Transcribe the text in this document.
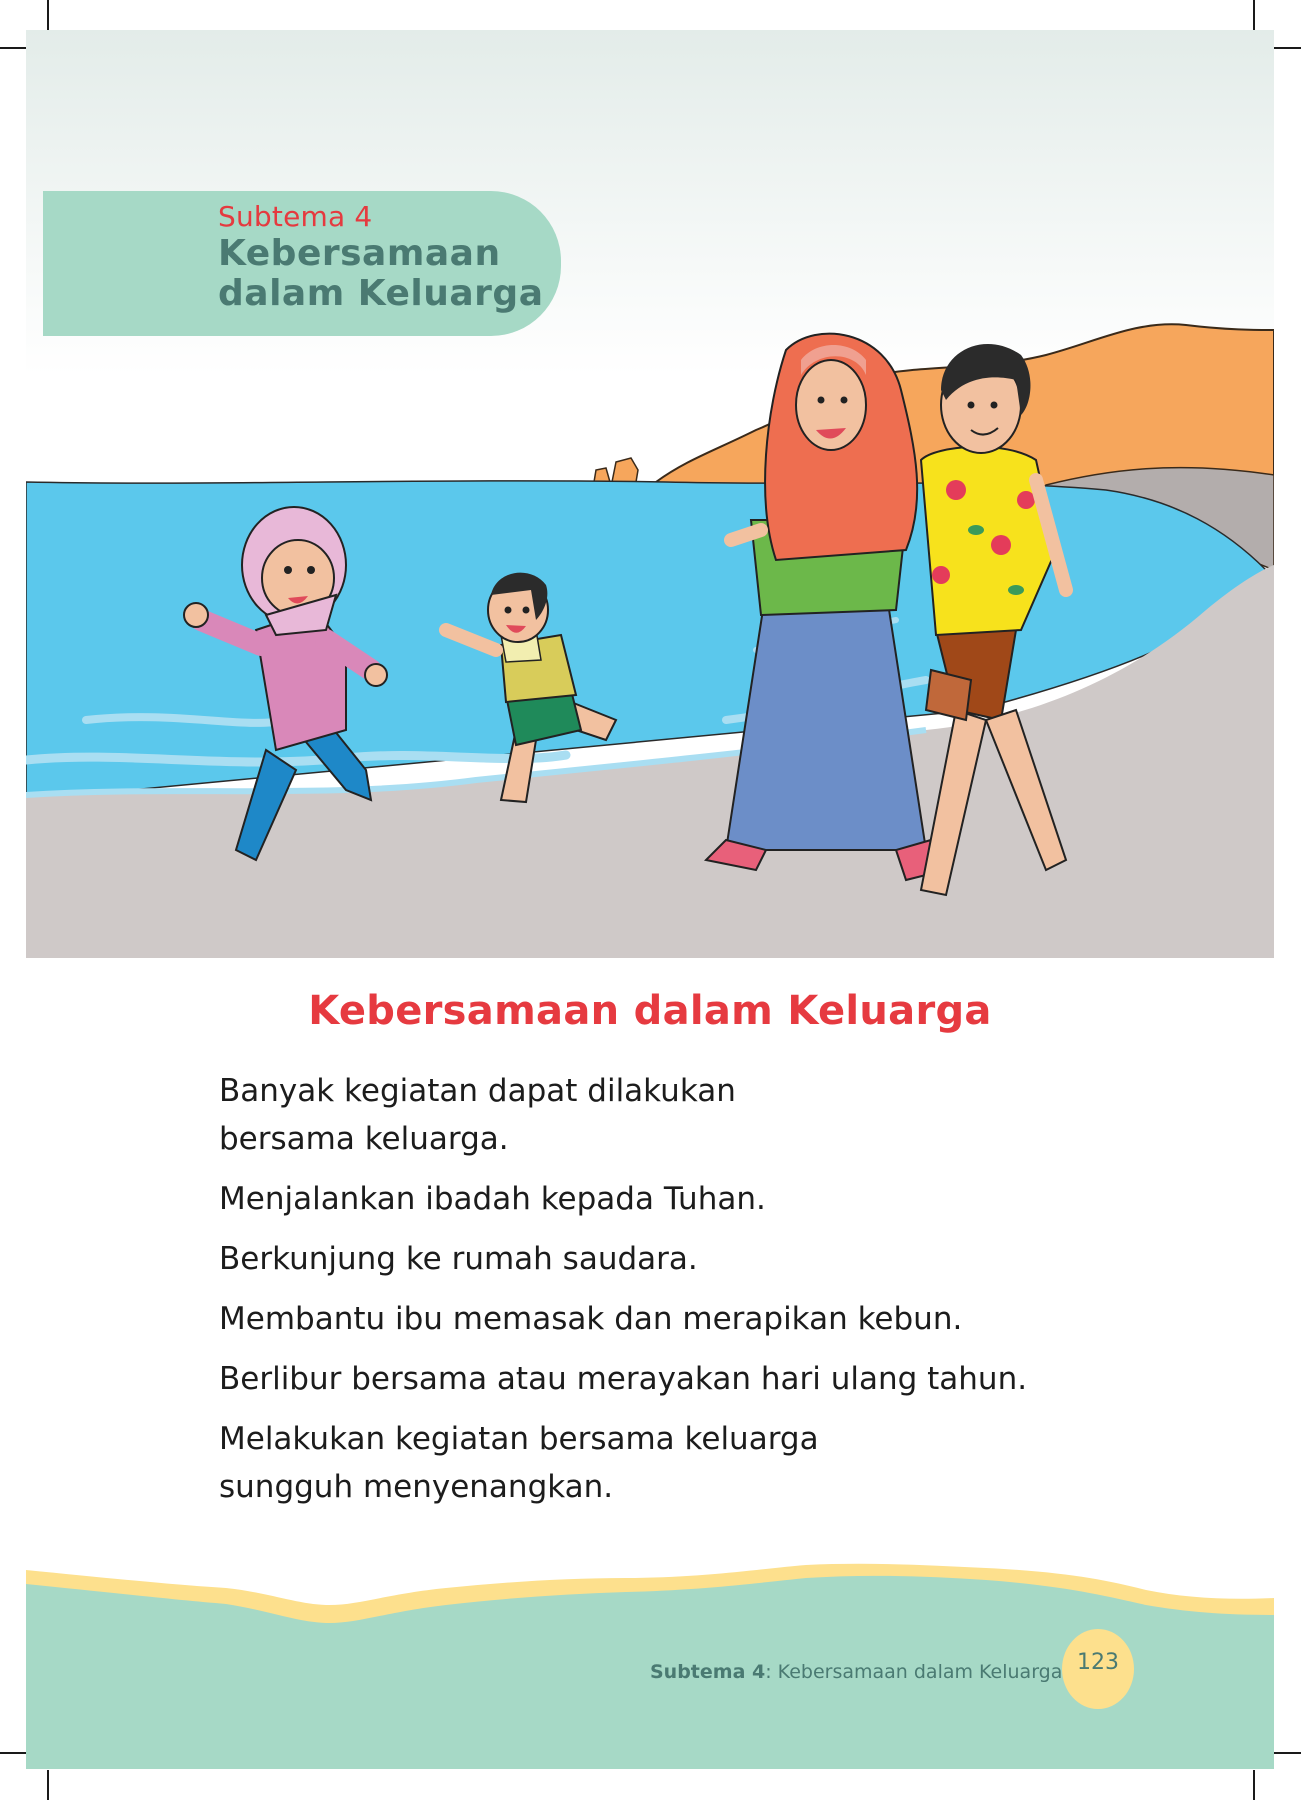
Subtema 4
Kebersamaan
dalam Keluarga
Kebersamaan dalam Keluarga

Banyak kegiatan dapat dilakukan
bersama keluarga.

Menjalankan ibadah kepada Tuhan.

Berkunjung ke rumah saudara.

Membantu ibu memasak dan merapikan kebun.

Berlibur bersama atau merayakan hari ulang tahun.

Melakukan kegiatan bersama keluarga
sungguh menyenangkan.

Subtema 4: Kebersamaan dalam Keluarga 123
